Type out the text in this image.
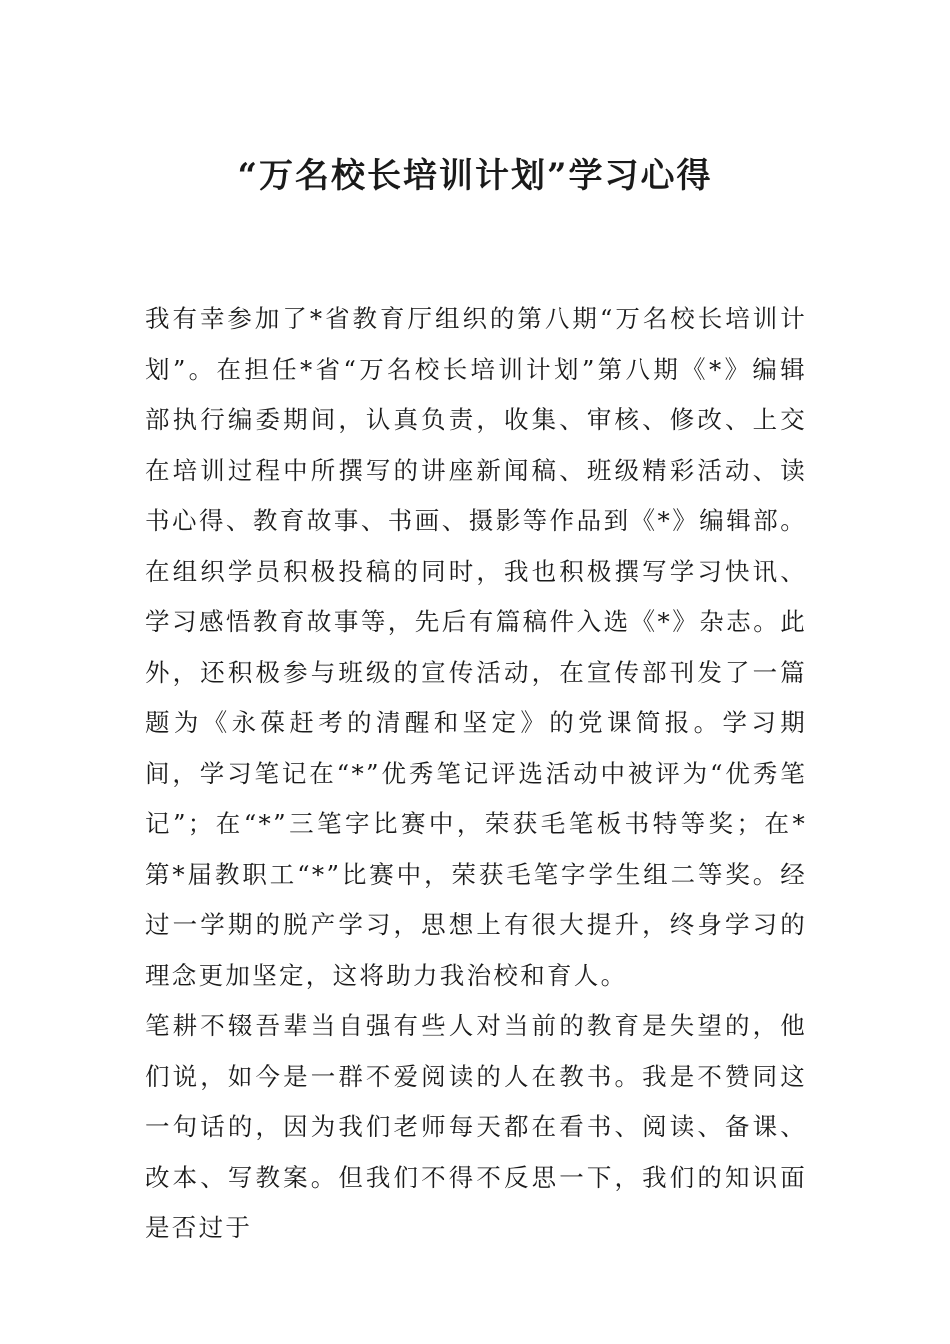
“万名校长培训计划”学习心得

我有幸参加了*省教育厅组织的第八期“万名校长培训计划”。在担任*省“万名校长培训计划”第八期《*》编辑部执行编委期间，认真负责，收集、审核、修改、上交在培训过程中所撰写的讲座新闻稿、班级精彩活动、读书心得、教育故事、书画、摄影等作品到《*》编辑部。在组织学员积极投稿的同时，我也积极撰写学习快讯、学习感悟教育故事等，先后有篇稿件入选《*》杂志。此外，还积极参与班级的宣传活动，在宣传部刊发了一篇题为《永葆赶考的清醒和坚定》的党课简报。学习期间，学习笔记在“*”优秀笔记评选活动中被评为“优秀笔记”；在“*”三笔字比赛中，荣获毛笔板书特等奖；在*第*届教职工“*”比赛中，荣获毛笔字学生组二等奖。经过一学期的脱产学习，思想上有很大提升，终身学习的理念更加坚定，这将助力我治校和育人。

笔耕不辍吾辈当自强有些人对当前的教育是失望的，他们说，如今是一群不爱阅读的人在教书。我是不赞同这一句话的，因为我们老师每天都在看书、阅读、备课、改本、写教案。但我们不得不反思一下，我们的知识面是否过于
